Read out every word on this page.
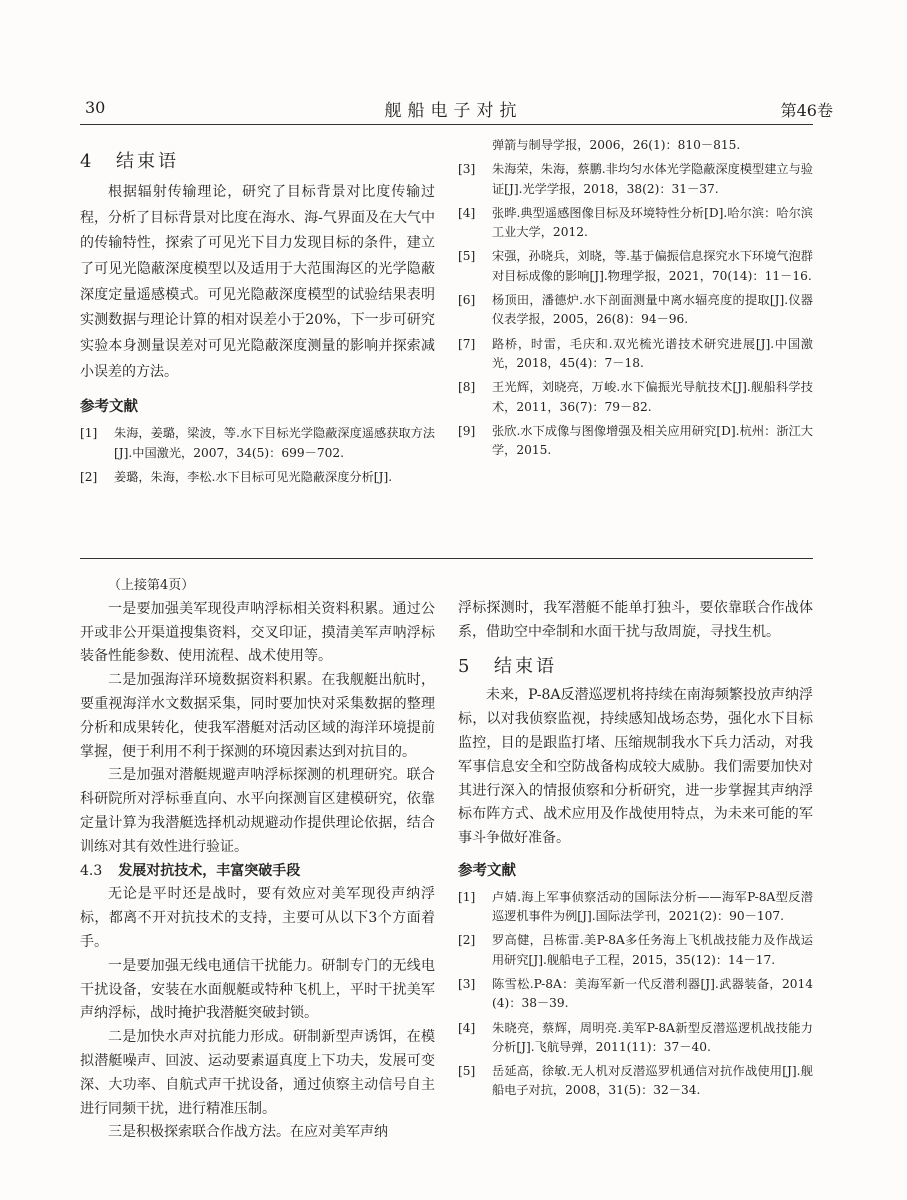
30	舰船电子对抗	第46卷
4 结束语

根据辐射传输理论，研究了目标背景对比度传输过程，分析了目标背景对比度在海水、海-气界面及在大气中的传输特性，探索了可见光下目力发现目标的条件，建立了可见光隐蔽深度模型以及适用于大范围海区的光学隐蔽深度定量遥感模式。可见光隐蔽深度模型的试验结果表明实测数据与理论计算的相对误差小于20%，下一步可研究实验本身测量误差对可见光隐蔽深度测量的影响并探索减小误差的方法。

参考文献
[1]	朱海，姜璐，梁波，等.水下目标光学隐蔽深度遥感获取方法[J].中国激光，2007，34(5)：699－702.
[2]	姜璐，朱海，李松.水下目标可见光隐蔽深度分析[J].
弹箭与制导学报，2006，26(1)：810－815.
[3]	朱海荣，朱海，蔡鹏.非均匀水体光学隐蔽深度模型建立与验证[J].光学学报，2018，38(2)：31－37.
[4]	张晔.典型遥感图像目标及环境特性分析[D].哈尔滨：哈尔滨工业大学，2012.
[5]	宋强，孙晓兵，刘晓，等.基于偏振信息探究水下环境气泡群对目标成像的影响[J].物理学报，2021，70(14)：11－16.
[6]	杨顶田，潘德炉.水下剖面测量中离水辐亮度的提取[J].仪器仪表学报，2005，26(8)：94－96.
[7]	路桥，时雷，毛庆和.双光梳光谱技术研究进展[J].中国激光，2018，45(4)：7－18.
[8]	王光辉，刘晓亮，万峻.水下偏振光导航技术[J].舰船科学技术，2011，36(7)：79－82.
[9]	张欣.水下成像与图像增强及相关应用研究[D].杭州：浙江大学，2015.
（上接第4页）

一是要加强美军现役声呐浮标相关资料积累。通过公开或非公开渠道搜集资料，交叉印证，摸清美军声呐浮标装备性能参数、使用流程、战术使用等。

二是加强海洋环境数据资料积累。在我舰艇出航时，要重视海洋水文数据采集，同时要加快对采集数据的整理分析和成果转化，使我军潜艇对活动区域的海洋环境提前掌握，便于利用不利于探测的环境因素达到对抗目的。

三是加强对潜艇规避声呐浮标探测的机理研究。联合科研院所对浮标垂直向、水平向探测盲区建模研究，依靠定量计算为我潜艇选择机动规避动作提供理论依据，结合训练对其有效性进行验证。

4.3 发展对抗技术，丰富突破手段

无论是平时还是战时，要有效应对美军现役声纳浮标，都离不开对抗技术的支持，主要可从以下3个方面着手。

一是要加强无线电通信干扰能力。研制专门的无线电干扰设备，安装在水面舰艇或特种飞机上，平时干扰美军声纳浮标，战时掩护我潜艇突破封锁。

二是加快水声对抗能力形成。研制新型声诱饵，在模拟潜艇噪声、回波、运动要素逼真度上下功夫，发展可变深、大功率、自航式声干扰设备，通过侦察主动信号自主进行同频干扰，进行精准压制。

三是积极探索联合作战方法。在应对美军声纳

浮标探测时，我军潜艇不能单打独斗，要依靠联合作战体系，借助空中牵制和水面干扰与敌周旋，寻找生机。

5 结束语

未来，P-8A反潜巡逻机将持续在南海频繁投放声纳浮标，以对我侦察监视，持续感知战场态势，强化水下目标监控，目的是跟监打堵、压缩规制我水下兵力活动，对我军事信息安全和空防战备构成较大威胁。我们需要加快对其进行深入的情报侦察和分析研究，进一步掌握其声纳浮标布阵方式、战术应用及作战使用特点，为未来可能的军事斗争做好准备。

参考文献
[1]	卢婧.海上军事侦察活动的国际法分析——海军P-8A型反潜巡逻机事件为例[J].国际法学刊，2021(2)：90－107.
[2]	罗高健，吕栋雷.美P-8A多任务海上飞机战技能力及作战运用研究[J].舰船电子工程，2015，35(12)：14－17.
[3]	陈雪松.P-8A：美海军新一代反潜利器[J].武器装备，2014(4)：38－39.
[4]	朱晓亮，蔡辉，周明亮.美军P-8A新型反潜巡逻机战技能力分析[J].飞航导弹，2011(11)：37－40.
[5]	岳延高，徐敏.无人机对反潜巡罗机通信对抗作战使用[J].舰船电子对抗，2008，31(5)：32－34.
